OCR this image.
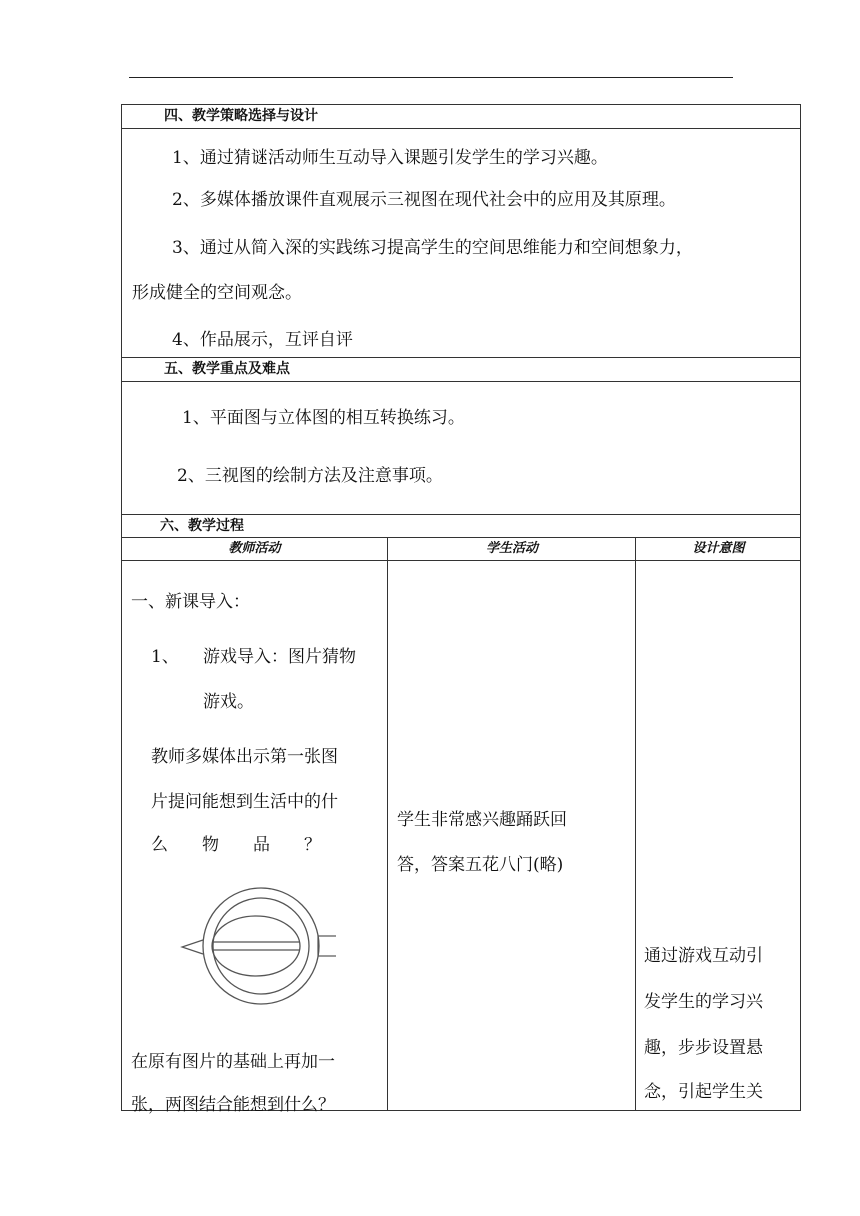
四、教学策略选择与设计
1、通过猜谜活动师生互动导入课题引发学生的学习兴趣。
2、多媒体播放课件直观展示三视图在现代社会中的应用及其原理。
3、通过从简入深的实践练习提高学生的空间思维能力和空间想象力，
形成健全的空间观念。
4、作品展示，互评自评
五、教学重点及难点
1、平面图与立体图的相互转换练习。
2、三视图的绘制方法及注意事项。
六、教学过程
教师活动	学生活动	设计意图
一、新课导入：
1、 游戏导入：图片猜物
游戏。
教师多媒体出示第一张图
片提问能想到生活中的什
么　　物　　品　　？
在原有图片的基础上再加一
张，两图结合能想到什么？
学生非常感兴趣踊跃回
答，答案五花八门(略)
通过游戏互动引
发学生的学习兴
趣，步步设置悬
念，引起学生关
